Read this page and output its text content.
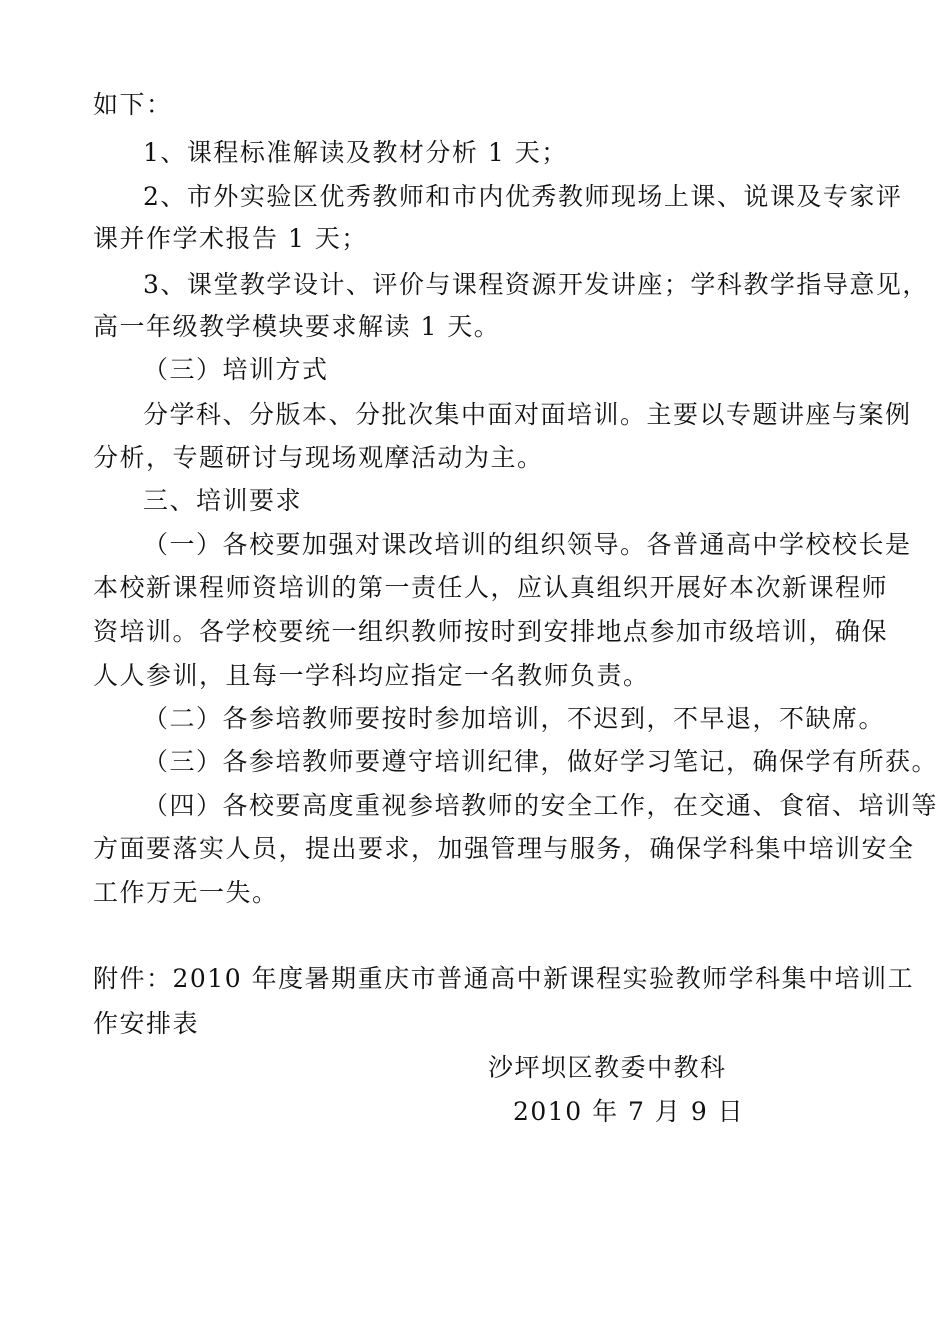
如下：
1、课程标准解读及教材分析 1 天；
2、市外实验区优秀教师和市内优秀教师现场上课、说课及专家评
课并作学术报告 1 天；
3、课堂教学设计、评价与课程资源开发讲座；学科教学指导意见，
高一年级教学模块要求解读 1 天。
（三）培训方式
分学科、分版本、分批次集中面对面培训。主要以专题讲座与案例
分析，专题研讨与现场观摩活动为主。
三、培训要求
（一）各校要加强对课改培训的组织领导。各普通高中学校校长是
本校新课程师资培训的第一责任人，应认真组织开展好本次新课程师
资培训。各学校要统一组织教师按时到安排地点参加市级培训，确保
人人参训，且每一学科均应指定一名教师负责。
（二）各参培教师要按时参加培训，不迟到，不早退，不缺席。
（三）各参培教师要遵守培训纪律，做好学习笔记，确保学有所获。
（四）各校要高度重视参培教师的安全工作，在交通、食宿、培训等
方面要落实人员，提出要求，加强管理与服务，确保学科集中培训安全
工作万无一失。
附件：2010 年度暑期重庆市普通高中新课程实验教师学科集中培训工
作安排表
沙坪坝区教委中教科
2010 年 7 月 9 日
